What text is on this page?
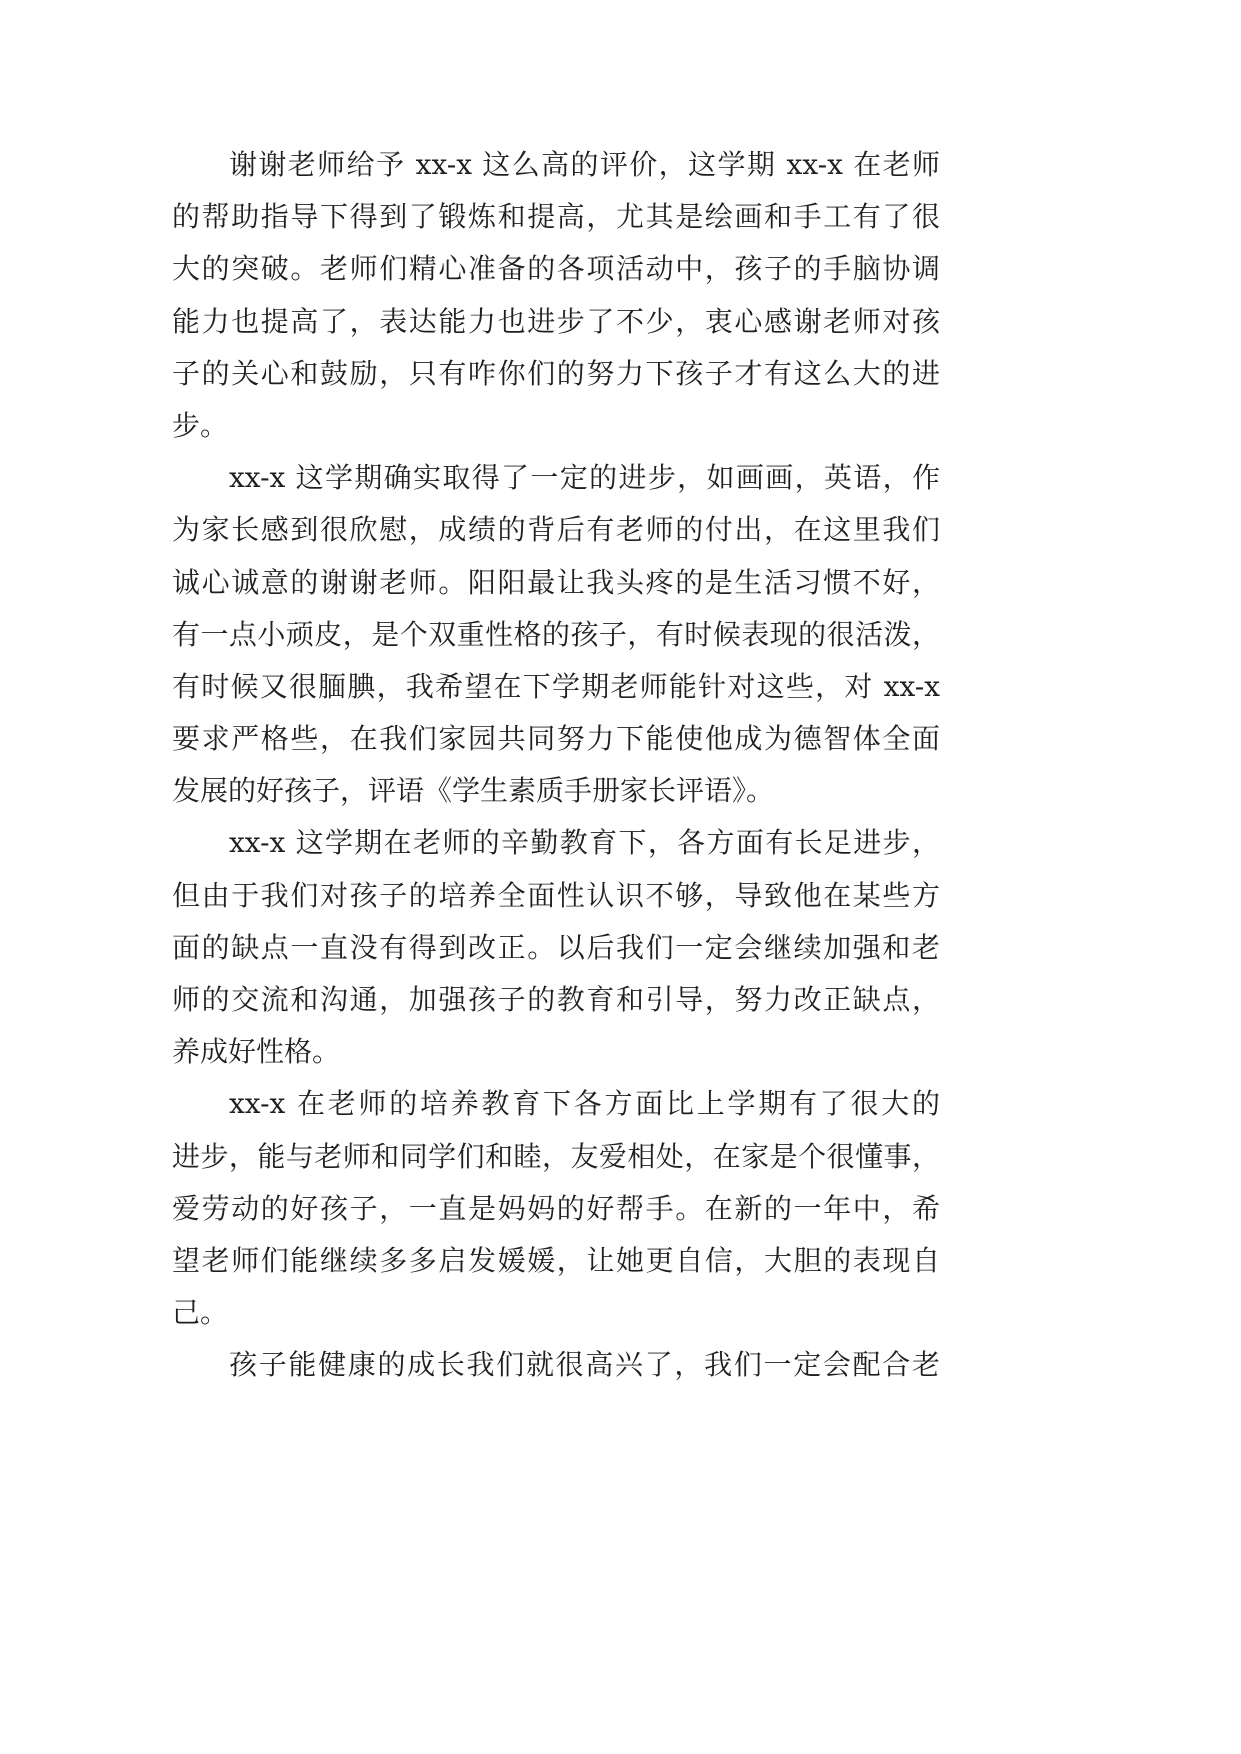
谢谢老师给予 xx-x 这么高的评价，这学期 xx-x 在老师
的帮助指导下得到了锻炼和提高，尤其是绘画和手工有了很
大的突破。老师们精心准备的各项活动中，孩子的手脑协调
能力也提高了，表达能力也进步了不少，衷心感谢老师对孩
子的关心和鼓励，只有咋你们的努力下孩子才有这么大的进
步。
xx-x 这学期确实取得了一定的进步，如画画，英语，作
为家长感到很欣慰，成绩的背后有老师的付出，在这里我们
诚心诚意的谢谢老师。阳阳最让我头疼的是生活习惯不好，
有一点小顽皮，是个双重性格的孩子，有时候表现的很活泼，
有时候又很腼腆，我希望在下学期老师能针对这些，对 xx-x
要求严格些，在我们家园共同努力下能使他成为德智体全面
发展的好孩子，评语《学生素质手册家长评语》。
xx-x 这学期在老师的辛勤教育下，各方面有长足进步，
但由于我们对孩子的培养全面性认识不够，导致他在某些方
面的缺点一直没有得到改正。以后我们一定会继续加强和老
师的交流和沟通，加强孩子的教育和引导，努力改正缺点，
养成好性格。
xx-x 在老师的培养教育下各方面比上学期有了很大的
进步，能与老师和同学们和睦，友爱相处，在家是个很懂事，
爱劳动的好孩子，一直是妈妈的好帮手。在新的一年中，希
望老师们能继续多多启发媛媛，让她更自信，大胆的表现自
己。
孩子能健康的成长我们就很高兴了，我们一定会配合老
